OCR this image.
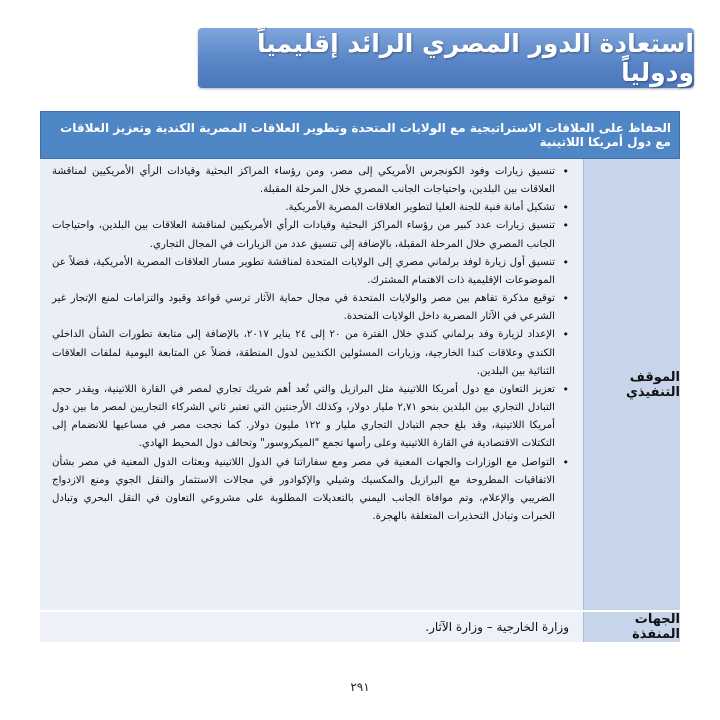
استعادة الدور المصري الرائد إقليمياً ودولياً
الحفاظ على العلاقات الاستراتيجية مع الولايات المتحدة وتطوير العلاقات المصرية الكندية وتعزيز العلاقات مع دول أمريكا اللاتينية
الموقف التنفيذي
• تنسيق زيارات وفود الكونجرس الأمريكي إلى مصر، ومن رؤساء المراكز البحثية وقيادات الرأي الأمريكيين لمناقشة العلاقات بين البلدين، واحتياجات الجانب المصري خلال المرحلة المقبلة.
• تشكيل أمانة فنية للجنة العليا لتطوير العلاقات المصرية الأمريكية.
• تنسيق زيارات عدد كبير من رؤساء المراكز البحثية وقيادات الرأي الأمريكيين لمناقشة العلاقات بين البلدين، واحتياجات الجانب المصري خلال المرحلة المقبلة، بالإضافة إلى تنسيق عدد من الزيارات في المجال التجاري.
• تنسيق أول زيارة لوفد برلماني مصري إلى الولايات المتحدة لمناقشة تطوير مسار العلاقات المصرية الأمريكية، فضلاً عن الموضوعات الإقليمية ذات الاهتمام المشترك.
• توقيع مذكرة تفاهم بين مصر والولايات المتحدة في مجال حماية الآثار ترسي قواعد وقيود والتزامات لمنع الإتجار غير الشرعي في الآثار المصرية داخل الولايات المتحدة.
• الإعداد لزيارة وفد برلماني كندي خلال الفترة من ٢٠ إلى ٢٤ يناير ٢٠١٧، بالإضافة إلى متابعة تطورات الشأن الداخلي الكندي وعلاقات كندا الخارجية، وزيارات المسئولين الكنديين لدول المنطقة، فضلاً عن المتابعة اليومية لملفات العلاقات الثنائية بين البلدين.
• تعزيز التعاون مع دول أمريكا اللاتينية مثل البرازيل والتي تُعد أهم شريك تجاري لمصر في القارة اللاتينية، ويقدر حجم التبادل التجاري بين البلدين بنحو ٢,٧١ مليار دولار، وكذلك الأرجنتين التي تعتبر ثاني الشركاء التجاريين لمصر ما بين دول أمريكا اللاتينية، وقد بلغ حجم التبادل التجاري مليار و ١٢٢ مليون دولار. كما نجحت مصر في مساعيها للانضمام إلى التكتلات الاقتصادية في القارة اللاتينية وعلى رأسها تجمع "الميكروسور" وتحالف دول المحيط الهادي.
• التواصل مع الوزارات والجهات المعنية في مصر ومع سفاراتنا في الدول اللاتينية وبعثات الدول المعنية في مصر بشأن الاتفاقيات المطروحة مع البرازيل والمكسيك وشيلي والإكوادور في مجالات الاستثمار والنقل الجوي ومنع الازدواج الضريبي والإعلام، وتم موافاة الجانب اليمني بالتعديلات المطلوبة على مشروعي التعاون في النقل البحري وتبادل الخبرات وتبادل التحذيرات المتعلقة بالهجرة.
الجهات المنفذة
وزارة الخارجية – وزارة الآثار.
٢٩١
